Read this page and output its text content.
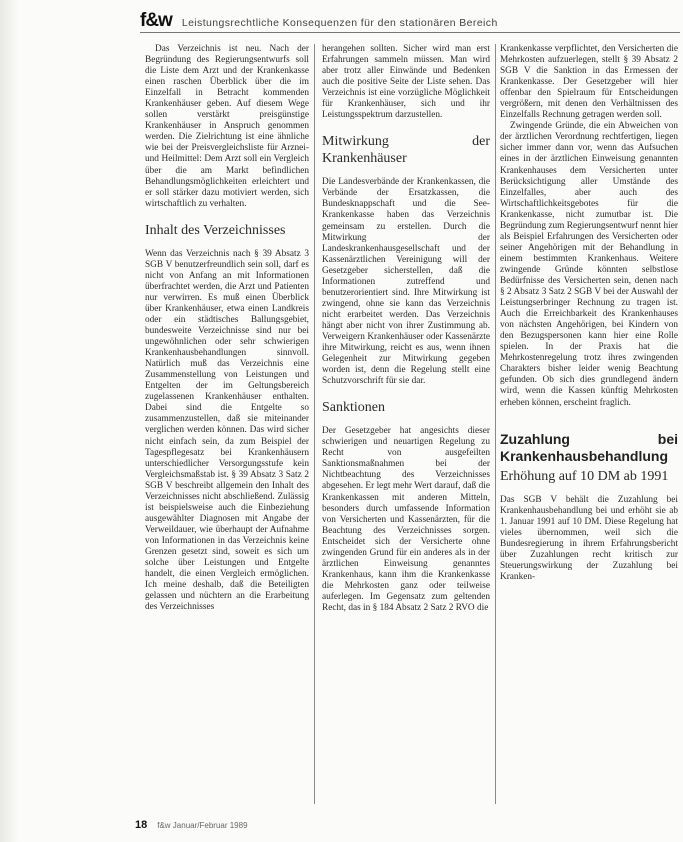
f&w Leistungsrechtliche Konsequenzen für den stationären Bereich

Das Verzeichnis ist neu. Nach der Begründung des Regierungsentwurfs soll die Liste dem Arzt und der Krankenkasse einen raschen Überblick über die im Einzelfall in Betracht kommenden Krankenhäuser geben. Auf diesem Wege sollen verstärkt preisgünstige Krankenhäuser in Anspruch genommen werden. Die Zielrichtung ist eine ähnliche wie bei der Preisvergleichsliste für Arznei- und Heilmittel: Dem Arzt soll ein Vergleich über die am Markt befindlichen Behandlungsmöglichkeiten erleichtert und er soll stärker dazu motiviert werden, sich wirtschaftlich zu verhalten.

Inhalt des Verzeichnisses

Wenn das Verzeichnis nach § 39 Absatz 3 SGB V benutzerfreundlich sein soll, darf es nicht von Anfang an mit Informationen überfrachtet werden, die Arzt und Patienten nur verwirren. Es muß einen Überblick über Krankenhäuser, etwa einen Landkreis oder ein städtisches Ballungsgebiet, bundesweite Verzeichnisse sind nur bei ungewöhnlichen oder sehr schwierigen Krankenhausbehandlungen sinnvoll. Natürlich muß das Verzeichnis eine Zusammenstellung von Leistungen und Entgelten der im Geltungsbereich zugelassenen Krankenhäuser enthalten. Dabei sind die Entgelte so zusammenzustellen, daß sie miteinander verglichen werden können. Das wird sicher nicht einfach sein, da zum Beispiel der Tagespflegesatz bei Krankenhäusern unterschiedlicher Versorgungsstufe kein Vergleichsmaßstab ist. § 39 Absatz 3 Satz 2 SGB V beschreibt allgemein den Inhalt des Verzeichnisses nicht abschließend. Zulässig ist beispielsweise auch die Einbeziehung ausgewählter Diagnosen mit Angabe der Verweildauer, wie überhaupt der Aufnahme von Informationen in das Verzeichnis keine Grenzen gesetzt sind, soweit es sich um solche über Leistungen und Entgelte handelt, die einen Vergleich ermöglichen. Ich meine deshalb, daß die Beteiligten gelassen und nüchtern an die Erarbeitung des Verzeichnisses

herangehen sollten. Sicher wird man erst Erfahrungen sammeln müssen. Man wird aber trotz aller Einwände und Bedenken auch die positive Seite der Liste sehen. Das Verzeichnis ist eine vorzügliche Möglichkeit für Krankenhäuser, sich und ihr Leistungsspektrum darzustellen.

Mitwirkung der Krankenhäuser

Die Landesverbände der Krankenkassen, die Verbände der Ersatzkassen, die Bundesknappschaft und die See-Krankenkasse haben das Verzeichnis gemeinsam zu erstellen. Durch die Mitwirkung der Landeskrankenhausgesellschaft und der Kassenärztlichen Vereinigung will der Gesetzgeber sicherstellen, daß die Informationen zutreffend und benutzerorientiert sind. Ihre Mitwirkung ist zwingend, ohne sie kann das Verzeichnis nicht erarbeitet werden. Das Verzeichnis hängt aber nicht von ihrer Zustimmung ab. Verweigern Krankenhäuser oder Kassenärzte ihre Mitwirkung, reicht es aus, wenn ihnen Gelegenheit zur Mitwirkung gegeben worden ist, denn die Regelung stellt eine Schutzvorschrift für sie dar.

Sanktionen

Der Gesetzgeber hat angesichts dieser schwierigen und neuartigen Regelung zu Recht von ausgefeilten Sanktionsmaßnahmen bei der Nichtbeachtung des Verzeichnisses abgesehen. Er legt mehr Wert darauf, daß die Krankenkassen mit anderen Mitteln, besonders durch umfassende Information von Versicherten und Kassenärzten, für die Beachtung des Verzeichnisses sorgen. Entscheidet sich der Versicherte ohne zwingenden Grund für ein anderes als in der ärztlichen Einweisung genanntes Krankenhaus, kann ihm die Krankenkasse die Mehrkosten ganz oder teilweise auferlegen. Im Gegensatz zum geltenden Recht, das in § 184 Absatz 2 Satz 2 RVO die

Krankenkasse verpflichtet, den Versicherten die Mehrkosten aufzuerlegen, stellt § 39 Absatz 2 SGB V die Sanktion in das Ermessen der Krankenkasse. Der Gesetzgeber will hier offenbar den Spielraum für Entscheidungen vergrößern, mit denen den Verhältnissen des Einzelfalls Rechnung getragen werden soll.

Zwingende Gründe, die ein Abweichen von der ärztlichen Verordnung rechtfertigen, liegen sicher immer dann vor, wenn das Aufsuchen eines in der ärztlichen Einweisung genannten Krankenhauses dem Versicherten unter Berücksichtigung aller Umstände des Einzelfalles, aber auch des Wirtschaftlichkeitsgebotes für die Krankenkasse, nicht zumutbar ist. Die Begründung zum Regierungsentwurf nennt hier als Beispiel Erfahrungen des Versicherten oder seiner Angehörigen mit der Behandlung in einem bestimmten Krankenhaus. Weitere zwingende Gründe könnten selbstlose Bedürfnisse des Versicherten sein, denen nach § 2 Absatz 3 Satz 2 SGB V bei der Auswahl der Leistungserbringer Rechnung zu tragen ist. Auch die Erreichbarkeit des Krankenhauses von nächsten Angehörigen, bei Kindern von den Bezugspersonen kann hier eine Rolle spielen. In der Praxis hat die Mehrkostenregelung trotz ihres zwingenden Charakters bisher leider wenig Beachtung gefunden. Ob sich dies grundlegend ändern wird, wenn die Kassen künftig Mehrkosten erheben können, erscheint fraglich.

Zuzahlung bei Krankenhausbehandlung
Erhöhung auf 10 DM ab 1991

Das SGB V behält die Zuzahlung bei Krankenhausbehandlung bei und erhöht sie ab 1. Januar 1991 auf 10 DM. Diese Regelung hat vieles übernommen, weil sich die Bundesregierung in ihrem Erfahrungsbericht über Zuzahlungen recht kritisch zur Steuerungswirkung der Zuzahlung bei Kranken-

18 f&w Januar/Februar 1989
